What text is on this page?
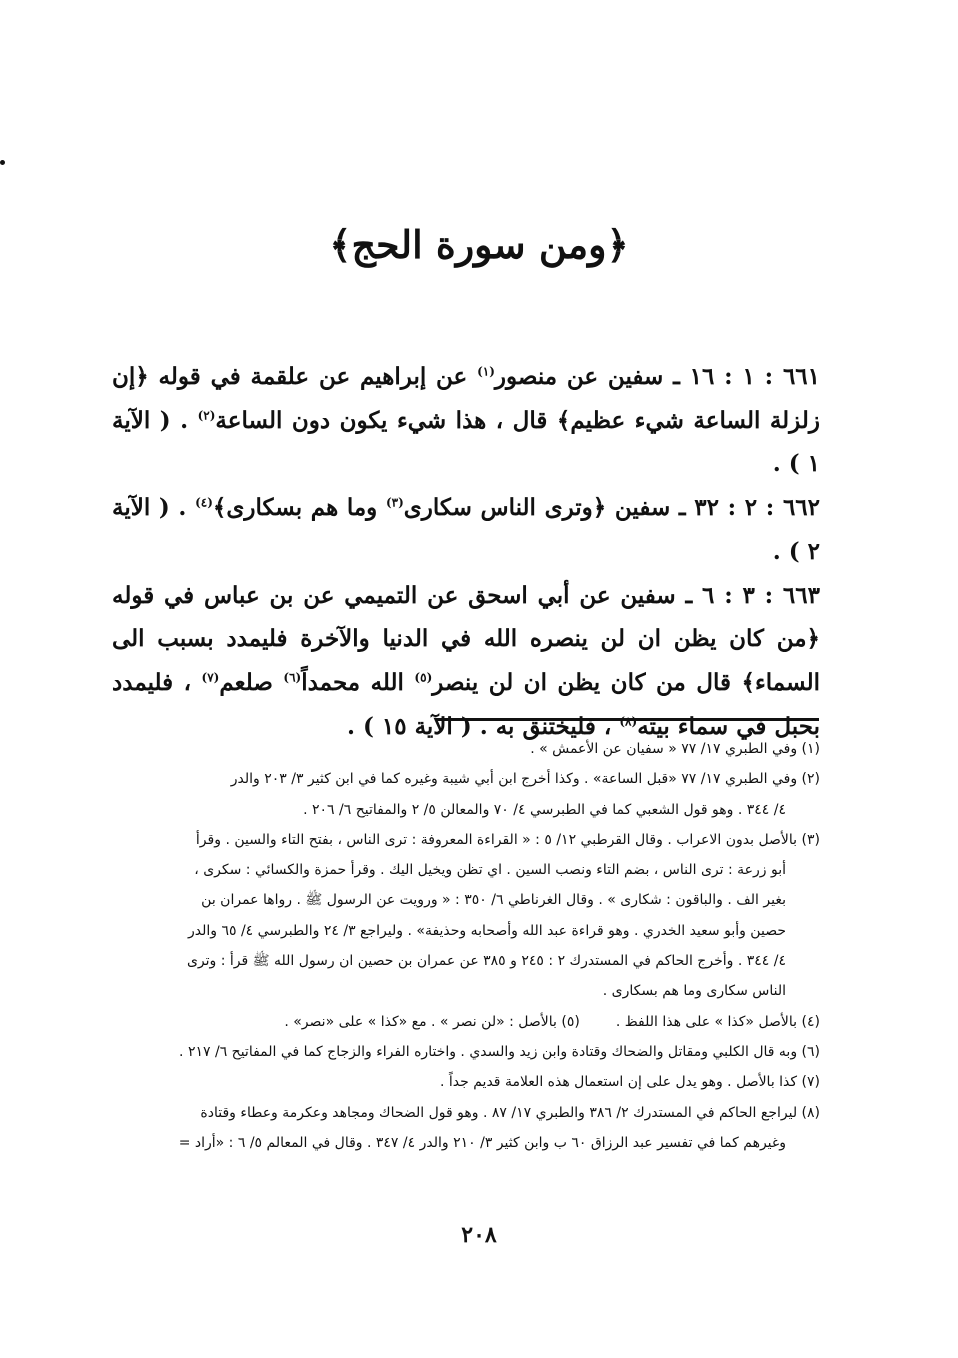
﴿ومن سورة الحج﴾

٦٦١ : ١ : ١٦ ـ سفين عن منصور$^{(١)}$ عن إبراهيم عن علقمة في قوله ﴿إن زلزلة الساعة شيء عظيم﴾ قال ، هذا شيء يكون دون الساعة$^{(٢)}$ . ( الآية ١ ) .

٦٦٢ : ٢ : ٣٢ ـ سفين ﴿وترى الناس سكارى$^{(٣)}$ وما هم بسكارى﴾$^{(٤)}$ . ( الآية ٢ ) .

٦٦٣ : ٣ : ٦ ـ سفين عن أبي اسحق عن التميمي عن بن عباس في قوله ﴿من كان يظن ان لن ينصره الله في الدنيا والآخرة فليمدد بسبب الى السماء﴾ قال من كان يظن ان لن ينصر$^{(٥)}$ الله محمداً$^{(٦)}$ صلعم$^{(٧)}$ ، فليمدد بحبل في سماء بيته$^{(٨)}$ ، فليختنق به . ( الآية ١٥ ) .

(١) وفي الطبري ١٧/ ٧٧ « سفيان عن الأعمش » .

(٢) وفي الطبري ١٧/ ٧٧ «قبل الساعة» . وكذا أخرج ابن أبي شيبة وغيره كما في ابن كثير ٣/ ٢٠٣ والدر

٤/ ٣٤٤ . وهو قول الشعبي كما في الطبرسي ٤/ ٧٠ والمعالن ٥/ ٢ والمفاتيح ٦/ ٢٠٦ .

(٣) بالأصل بدون الاعراب . وقال القرطبي ١٢/ ٥ : « القراءة المعروفة : ترى الناس ، بفتح التاء والسين . وقرأ

أبو زرعة : ترى الناس ، بضم التاء ونصب السين . اي تظن ويخيل اليك . وقرأ حمزة والكسائي : سكرى ،

بغير الف . والباقون : شكارى » . وقال الغرناطي ٦/ ٣٥٠ : « ورويت عن الرسول ﷺ . رواها عمران بن

حصين وأبو سعيد الخدري . وهو قراءة عبد الله وأصحابه وحذيفة» . وليراجع ٣/ ٢٤ والطبرسي ٤/ ٦٥ والدر

٤/ ٣٤٤ . وأخرج الحاكم في المستدرك ٢ : ٢٤٥ و ٣٨٥ عن عمران بن حصين ان رسول الله ﷺ قرأ : وترى

الناس سكارى وما هم بسكارى .

(٤) بالأصل «كذا » على هذا اللفظ .
(٥) بالأصل : «لن نصر » . مع «كذا » على «نصر» .

(٦) وبه قال الكلبي ومقاتل والضحاك وقتادة وابن زيد والسدي . واختاره الفراء والزجاج كما في المفاتيح ٦/ ٢١٧ .

(٧) كذا بالأصل . وهو يدل على إن استعمال هذه العلامة قديم جداً .

(٨) ليراجع الحاكم في المستدرك ٢/ ٣٨٦ والطبري ١٧/ ٨٧ . وهو قول الضحاك ومجاهد وعكرمة وعطاء وقتادة

وغيرهم كما في تفسير عبد الرزاق ٦٠ ب وابن كثير ٣/ ٢١٠ والدر ٤/ ٣٤٧ . وقال في المعالم ٥/ ٦ : «أراد =

٢٠٨
